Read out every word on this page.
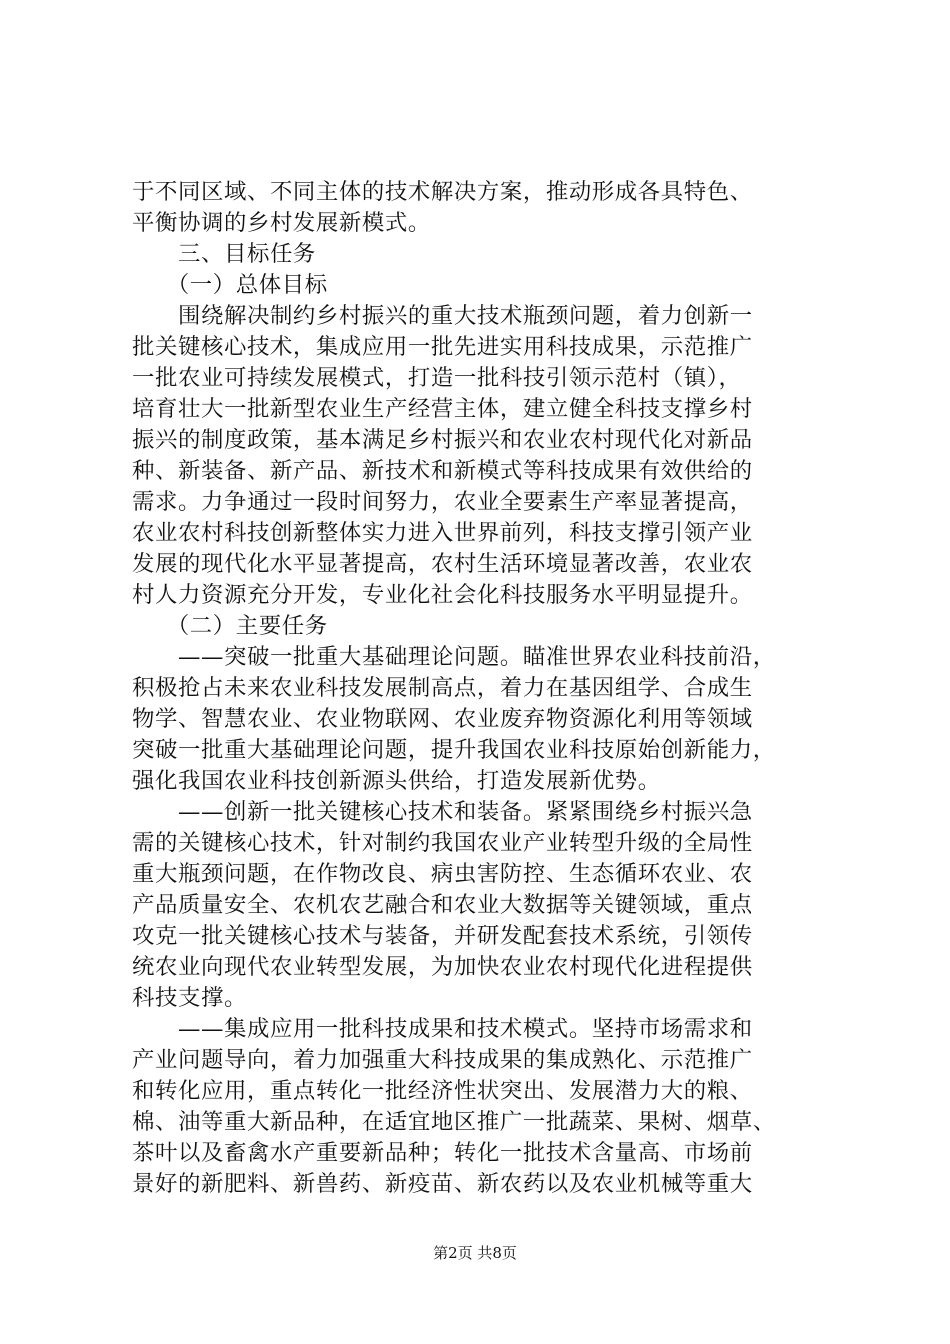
于不同区域、不同主体的技术解决方案，推动形成各具特色、
平衡协调的乡村发展新模式。
　　三、目标任务
　　（一）总体目标
　　围绕解决制约乡村振兴的重大技术瓶颈问题，着力创新一
批关键核心技术，集成应用一批先进实用科技成果，示范推广
一批农业可持续发展模式，打造一批科技引领示范村（镇），
培育壮大一批新型农业生产经营主体，建立健全科技支撑乡村
振兴的制度政策，基本满足乡村振兴和农业农村现代化对新品
种、新装备、新产品、新技术和新模式等科技成果有效供给的
需求。力争通过一段时间努力，农业全要素生产率显著提高，
农业农村科技创新整体实力进入世界前列，科技支撑引领产业
发展的现代化水平显著提高，农村生活环境显著改善，农业农
村人力资源充分开发，专业化社会化科技服务水平明显提升。
　　（二）主要任务
　　——突破一批重大基础理论问题。瞄准世界农业科技前沿，
积极抢占未来农业科技发展制高点，着力在基因组学、合成生
物学、智慧农业、农业物联网、农业废弃物资源化利用等领域
突破一批重大基础理论问题，提升我国农业科技原始创新能力，
强化我国农业科技创新源头供给，打造发展新优势。
　　——创新一批关键核心技术和装备。紧紧围绕乡村振兴急
需的关键核心技术，针对制约我国农业产业转型升级的全局性
重大瓶颈问题，在作物改良、病虫害防控、生态循环农业、农
产品质量安全、农机农艺融合和农业大数据等关键领域，重点
攻克一批关键核心技术与装备，并研发配套技术系统，引领传
统农业向现代农业转型发展，为加快农业农村现代化进程提供
科技支撑。
　　——集成应用一批科技成果和技术模式。坚持市场需求和
产业问题导向，着力加强重大科技成果的集成熟化、示范推广
和转化应用，重点转化一批经济性状突出、发展潜力大的粮、
棉、油等重大新品种，在适宜地区推广一批蔬菜、果树、烟草、
茶叶以及畜禽水产重要新品种；转化一批技术含量高、市场前
景好的新肥料、新兽药、新疫苗、新农药以及农业机械等重大
第2页 共8页
